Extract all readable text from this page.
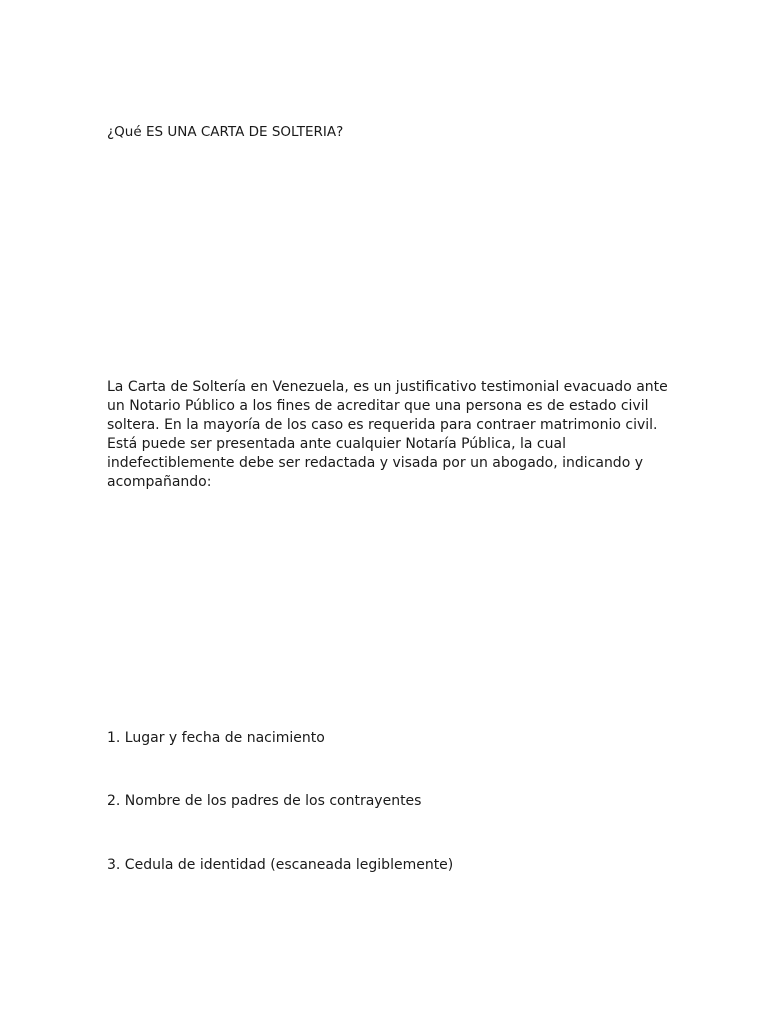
¿Qué ES UNA CARTA DE SOLTERIA?

La Carta de Soltería en Venezuela, es un justificativo testimonial evacuado ante
un Notario Público a los fines de acreditar que una persona es de estado civil
soltera. En la mayoría de los caso es requerida para contraer matrimonio civil.
Está puede ser presentada ante cualquier Notaría Pública, la cual
indefectiblemente debe ser redactada y visada por un abogado, indicando y
acompañando:

1. Lugar y fecha de nacimiento

2. Nombre de los padres de los contrayentes

3. Cedula de identidad (escaneada legiblemente)
